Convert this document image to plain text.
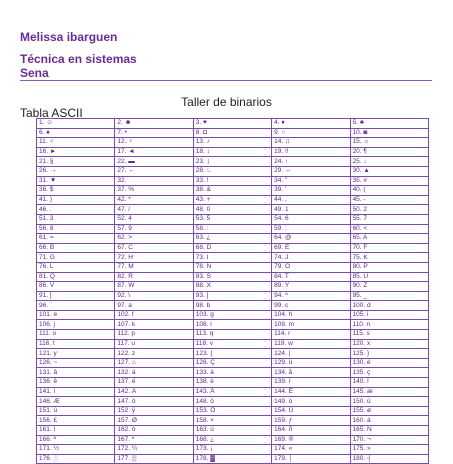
Melissa ibarguen
Técnica en sistemas
Sena
Taller de binarios
Tabla ASCII
1. ☺	2. ☻	3. ♥	4. ♦	5. ♣
6. ♠	7. •	8. ◘	9. ○	10. ◙
11. ♂	12. ♀	13. ♪	14. ♫	15. ☼
16. ►	17. ◄	18. ↕	19. ‼	20. ¶
21. §	22. ▬	23. ↨	24. ↑	25. ↓
26. →	27. ←	28. ∟	29. ↔	30. ▲
31. ▼	32.	33. !	34. "	35. #
36. $	37. %	38. &	39. '	40. (
41. )	42. *	43. +	44. ,	45. -
46. .	47. /	48. 0	49. 1	50. 2
51. 3	52. 4	53. 5	54. 6	55. 7
56. 8	57. 9	58. :	59. ;	60. <
61. =	62. >	63. ¿	64. @	65. A
66. B	67. C	68. D	69. E	70. F
71. G	72. H	73. I	74. J	75. K
76. L	77. M	78. N	79. O	80. P
81. Q	82. R	83. S	84. T	85. U
86. V	87. W	88. X	89. Y	90. Z
91. [	92. \	93. ]	94. ^	95. _
96. `	97. a	98. b	99. c	100. d
101. e	102. f	103. g	104. h	105. i
106. j	107. k	108. l	109. m	110. n
111. o	112. p	113. q	114. r	115. s
116. t	117. u	118. v	119. w	120. x
121. y	122. z	123. {	124. |	125. }
126. ~	127. ⌂	128. Ç	129. ü	130. é
131. â	132. ä	133. à	134. å	135. ç
136. ê	137. ë	138. è	139. ï	140. î
141. ì	142. Ä	143. Å	144. É	145. æ
146. Æ	147. ô	148. ö	149. ò	150. û
151. ù	152. ÿ	153. Ö	154. Ü	155. ø
156. £	157. Ø	158. ×	159. ƒ	160. á
161. í	162. ó	163. ú	164. ñ	165. Ñ
166. ª	167. º	168. ¿	169. ®	170. ¬
171. ½	172. ¼	173. ¡	174. «	175. »
176. ░	177. ▒	178. ▓	179. │	180. ┤
